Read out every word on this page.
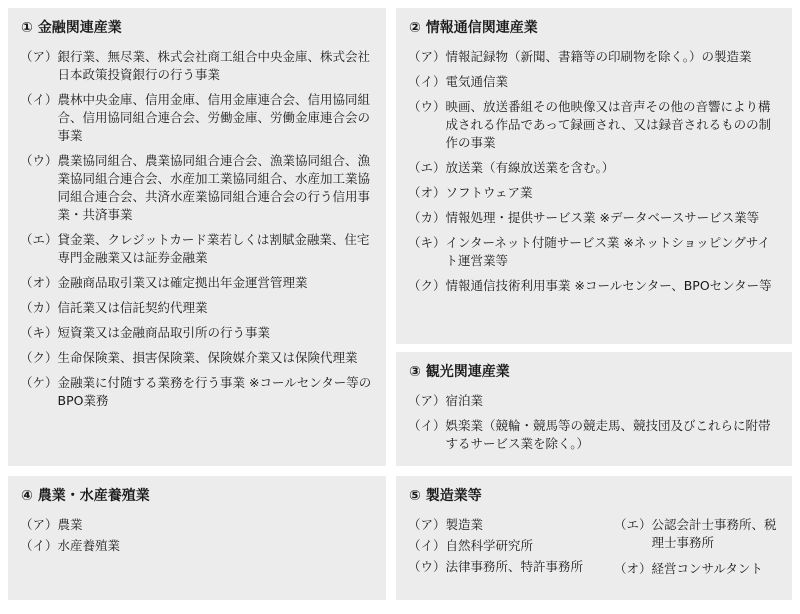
① 金融関連産業
（ア） 銀行業、無尽業、株式会社商工組合中央金庫、株式会社日本政策投資銀行の行う事業
（イ） 農林中央金庫、信用金庫、信用金庫連合会、信用協同組合、信用協同組合連合会、労働金庫、労働金庫連合会の事業
（ウ） 農業協同組合、農業協同組合連合会、漁業協同組合、漁業協同組合連合会、水産加工業協同組合、水産加工業協同組合連合会、共済水産業協同組合連合会の行う信用事業・共済事業
（エ） 貸金業、クレジットカード業若しくは割賦金融業、住宅専門金融業又は証券金融業
（オ） 金融商品取引業又は確定拠出年金運営管理業
（カ） 信託業又は信託契約代理業
（キ） 短資業又は金融商品取引所の行う事業
（ク） 生命保険業、損害保険業、保険媒介業又は保険代理業
（ケ） 金融業に付随する業務を行う事業 ※コールセンター等のBPO業務
② 情報通信関連産業
（ア） 情報記録物（新聞、書籍等の印刷物を除く。）の製造業
（イ） 電気通信業
（ウ） 映画、放送番組その他映像又は音声その他の音響により構成される作品であって録画され、又は録音されるものの制作の事業
（エ） 放送業（有線放送業を含む。）
（オ） ソフトウェア業
（カ） 情報処理・提供サービス業 ※データベースサービス業等
（キ） インターネット付随サービス業 ※ネットショッピングサイト運営業等
（ク） 情報通信技術利用事業 ※コールセンター、BPOセンター等
③ 観光関連産業
（ア） 宿泊業
（イ） 娯楽業（競輪・競馬等の競走馬、競技団及びこれらに附帯するサービス業を除く。）
④ 農業・水産養殖業
（ア） 農業
（イ） 水産養殖業
⑤ 製造業等
（ア） 製造業
（イ） 自然科学研究所
（ウ） 法律事務所、特許事務所
（エ） 公認会計士事務所、税理士事務所
（オ） 経営コンサルタント
